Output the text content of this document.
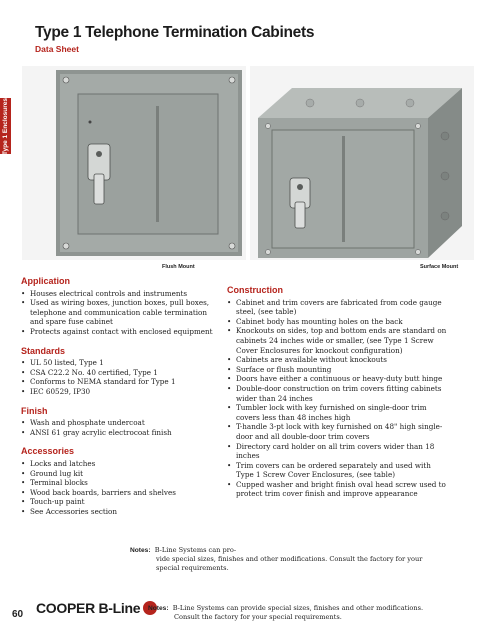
Type 1 Telephone Termination Cabinets
Data Sheet
Type 1 Enclosures
Flush Mount	Surface Mount
Application
• Houses electrical controls and instruments
• Used as wiring boxes, junction boxes, pull boxes, telephone and communication cable termination and spare fuse cabinet
• Protects against contact with enclosed equipment
Standards
• UL 50 listed, Type 1
• CSA C22.2 No. 40 certified, Type 1
• Conforms to NEMA standard for Type 1
• IEC 60529, IP30
Finish
• Wash and phosphate undercoat
• ANSI 61 gray acrylic electrocoat finish
Accessories
• Locks and latches
• Ground lug kit
• Terminal blocks
• Wood back boards, barriers and shelves
• Touch-up paint
• See Accessories section
Construction
• Cabinet and trim covers are fabricated from code gauge steel, (see table)
• Cabinet body has mounting holes on the back
• Knockouts on sides, top and bottom ends are standard on cabinets 24 inches wide or smaller, (see Type 1 Screw Cover Enclosures for knockout configuration)
• Cabinets are available without knockouts
• Surface or flush mounting
• Doors have either a continuous or heavy-duty butt hinge
• Double-door construction on trim covers fitting cabinets wider than 24 inches
• Tumbler lock with key furnished on single-door trim covers less than 48 inches high
• T-handle 3-pt lock with key furnished on 48" high single-door and all double-door trim covers
• Directory card holder on all trim covers wider than 18 inches
• Trim covers can be ordered separately and used with Type 1 Screw Cover Enclosures, (see table)
• Cupped washer and bright finish oval head screw used to protect trim cover finish and improve appearance
Notes: B-Line Systems can pro-
vide special sizes, finishes and other modifications. Consult the factory for your special requirements.
60 COOPER B-Line Notes: B-Line Systems can provide special sizes, finishes and other modifications.
Consult the factory for your special requirements.
